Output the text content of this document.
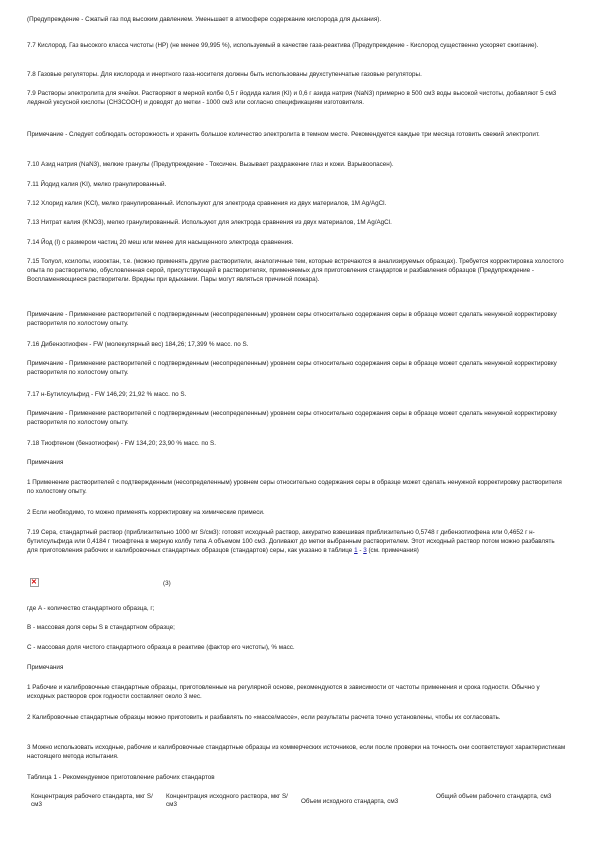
(Предупреждение - Сжатый газ под высоким давлением. Уменьшает в атмосфере содержание кислорода для дыхания).

7.7 Кислород. Газ высокого класса чистоты (HP) (не менее 99,995 %), используемый в качестве газа-реактива (Предупреждение - Кислород существенно ускоряет сжигание).

7.8 Газовые регуляторы. Для кислорода и инертного газа-носителя должны быть использованы двухступенчатые газовые регуляторы.

7.9 Растворы электролита для ячейки. Растворяют в мерной колбе 0,5 г йодида калия (KI) и 0,6 г азида натрия (NaN3) примерно в 500 см3 воды высокой чистоты, добавляют 5 см3 ледяной уксусной кислоты (CH3COOH) и доводят до метки - 1000 см3 или согласно спецификациям изготовителя.

Примечание - Следует соблюдать осторожность и хранить большое количество электролита в темном месте. Рекомендуется каждые три месяца готовить свежий электролит.

7.10 Азид натрия (NaN3), мелкие гранулы (Предупреждение - Токсичен. Вызывает раздражение глаз и кожи. Взрывоопасен).

7.11 Йодид калия (KI), мелко гранулированный.

7.12 Хлорид калия (KCl), мелко гранулированный. Используют для электрода сравнения из двух материалов, 1M Ag/AgCl.

7.13 Нитрат калия (KNO3), мелко гранулированный. Используют для электрода сравнения из двух материалов, 1M Ag/AgCl.

7.14 Йод (I) с размером частиц 20 меш или менее для насыщенного электрода сравнения.

7.15 Толуол, ксилолы, изооктан, т.е. (можно применять другие растворители, аналогичные тем, которые встречаются в анализируемых образцах). Требуется корректировка холостого опыта по растворителю, обусловленная серой, присутствующей в растворителях, применяемых для приготовления стандартов и разбавления образцов (Предупреждение - Воспламеняющиеся растворители. Вредны при вдыхании. Пары могут являться причиной пожара).

Примечание - Применение растворителей с подтвержденным (несопределенным) уровнем серы относительно содержания серы в образце может сделать ненужной корректировку растворителя по холостому опыту.

7.16 Дибензотиофен - FW (молекулярный вес) 184,26; 17,399 % масс. по S.

Примечание - Применение растворителей с подтвержденным (несопределенным) уровнем серы относительно содержания серы в образце может сделать ненужной корректировку растворителя по холостому опыту.

7.17 н-Бутилсульфид - FW 146,29; 21,92 % масс. по S.

Примечание - Применение растворителей с подтвержденным (несопределенным) уровнем серы относительно содержания серы в образце может сделать ненужной корректировку растворителя по холостому опыту.

7.18 Тиофтеном (бензотиофен) - FW 134,20; 23,90 % масс. по S.

Примечания

1 Применение растворителей с подтвержденным (несопределенным) уровнем серы относительно содержания серы в образце может сделать ненужной корректировку растворителя по холостому опыту.

2 Если необходимо, то можно применять корректировку на химические примеси.

7.19 Сера, стандартный раствор (приблизительно 1000 мг S/см3): готовят исходный раствор, аккуратно взвешивая приблизительно 0,5748 г дибензотиофена или 0,4652 г н-бутилсульфида или 0,4184 г тиоафтена в мерную колбу типа A объемом 100 см3. Доливают до метки выбранным растворителем. Этот исходный раствор потом можно разбавлять для приготовления рабочих и калибровочных стандартных образцов (стандартов) серы, как указано в таблице 1 - 3 (см. примечания)

где A - количество стандартного образца, г;

B - массовая доля серы S в стандартном образце;

C - массовая доля чистого стандартного образца в реактиве (фактор его чистоты), % масс.

Примечания

1 Рабочие и калибровочные стандартные образцы, приготовленные на регулярной основе, рекомендуются в зависимости от частоты применения и срока годности. Обычно у исходных растворов срок годности составляет около 3 мес.

2 Калибровочные стандартные образцы можно приготовить и разбавлять по «массе/массе», если результаты расчета точно установлены, чтобы их согласовать.

3 Можно использовать исходные, рабочие и калибровочные стандартные образцы из коммерческих источников, если после проверки на точность они соответствуют характеристикам настоящего метода испытания.

Таблица 1 - Рекомендуемое приготовление рабочих стандартов

✕
(3)
Концентрация рабочего стандарта, мкг S/см3	Концентрация исходного раствора, мкг S/см3	Объем исходного стандарта, см3	Общий объем рабочего стандарта, см3
